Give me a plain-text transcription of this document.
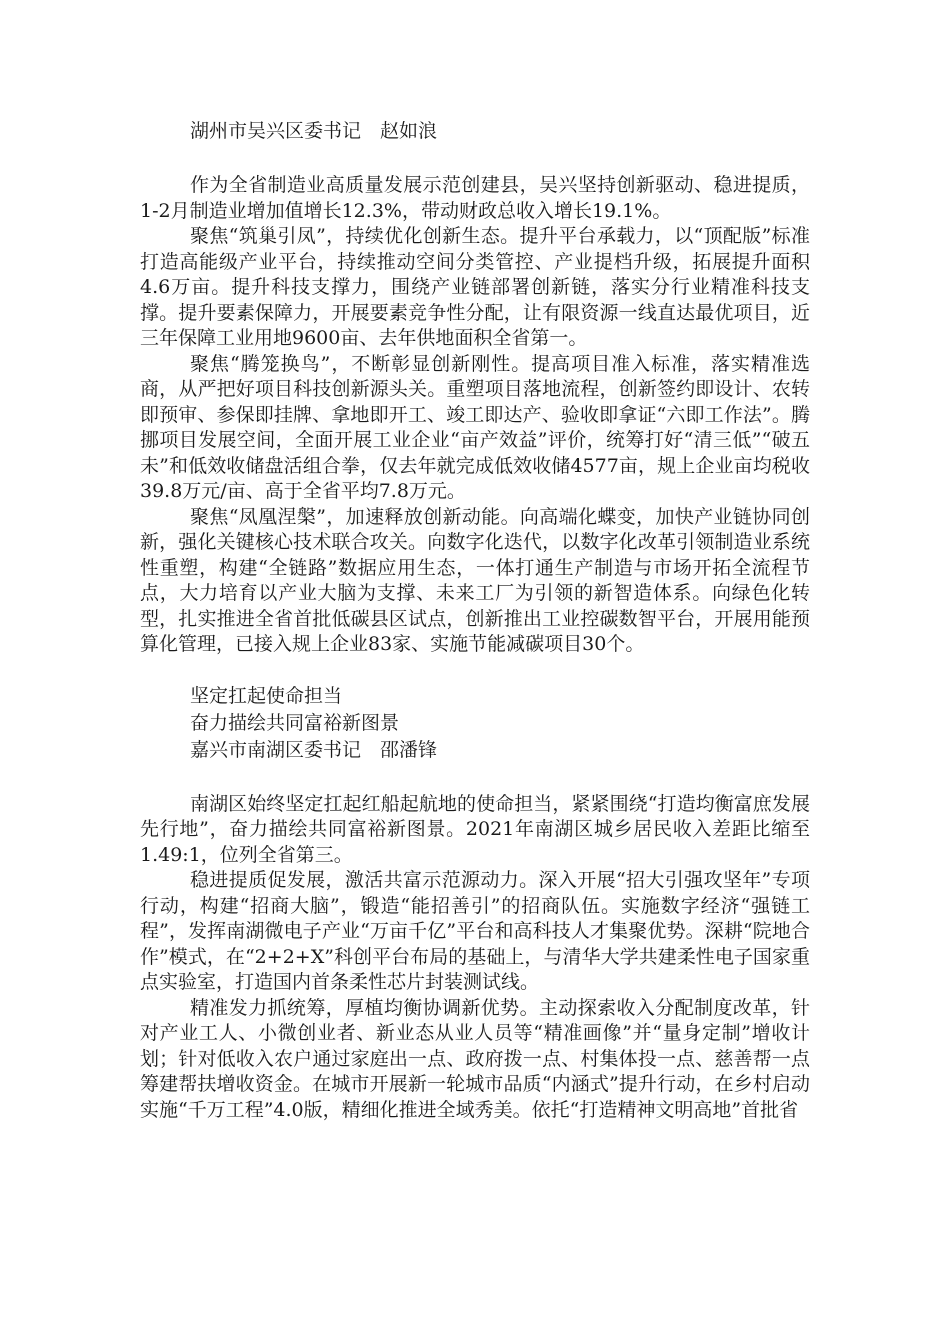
湖州市吴兴区委书记　赵如浪

作为全省制造业高质量发展示范创建县，吴兴坚持创新驱动、稳进提质，1-2月制造业增加值增长12.3%，带动财政总收入增长19.1%。

聚焦“筑巢引凤”，持续优化创新生态。提升平台承载力，以“顶配版”标准打造高能级产业平台，持续推动空间分类管控、产业提档升级，拓展提升面积4.6万亩。提升科技支撑力，围绕产业链部署创新链，落实分行业精准科技支撑。提升要素保障力，开展要素竞争性分配，让有限资源一线直达最优项目，近三年保障工业用地9600亩、去年供地面积全省第一。

聚焦“腾笼换鸟”，不断彰显创新刚性。提高项目准入标准，落实精准选商，从严把好项目科技创新源头关。重塑项目落地流程，创新签约即设计、农转即预审、参保即挂牌、拿地即开工、竣工即达产、验收即拿证“六即工作法”。腾挪项目发展空间，全面开展工业企业“亩产效益”评价，统筹打好“清三低”“破五未”和低效收储盘活组合拳，仅去年就完成低效收储4577亩，规上企业亩均税收39.8万元/亩、高于全省平均7.8万元。

聚焦“凤凰涅槃”，加速释放创新动能。向高端化蝶变，加快产业链协同创新，强化关键核心技术联合攻关。向数字化迭代，以数字化改革引领制造业系统性重塑，构建“全链路”数据应用生态，一体打通生产制造与市场开拓全流程节点，大力培育以产业大脑为支撑、未来工厂为引领的新智造体系。向绿色化转型，扎实推进全省首批低碳县区试点，创新推出工业控碳数智平台，开展用能预算化管理，已接入规上企业83家、实施节能减碳项目30个。

坚定扛起使命担当

奋力描绘共同富裕新图景

嘉兴市南湖区委书记　邵潘锋

南湖区始终坚定扛起红船起航地的使命担当，紧紧围绕“打造均衡富庶发展先行地”，奋力描绘共同富裕新图景。2021年南湖区城乡居民收入差距比缩至1.49:1，位列全省第三。

稳进提质促发展，激活共富示范源动力。深入开展“招大引强攻坚年”专项行动，构建“招商大脑”，锻造“能招善引”的招商队伍。实施数字经济“强链工程”，发挥南湖微电子产业“万亩千亿”平台和高科技人才集聚优势。深耕“院地合作”模式，在“2+2+X”科创平台布局的基础上，与清华大学共建柔性电子国家重点实验室，打造国内首条柔性芯片封装测试线。

精准发力抓统筹，厚植均衡协调新优势。主动探索收入分配制度改革，针对产业工人、小微创业者、新业态从业人员等“精准画像”并“量身定制”增收计划；针对低收入农户通过家庭出一点、政府拨一点、村集体投一点、慈善帮一点筹建帮扶增收资金。在城市开展新一轮城市品质“内涵式”提升行动，在乡村启动实施“千万工程”4.0版，精细化推进全域秀美。依托“打造精神文明高地”首批省
